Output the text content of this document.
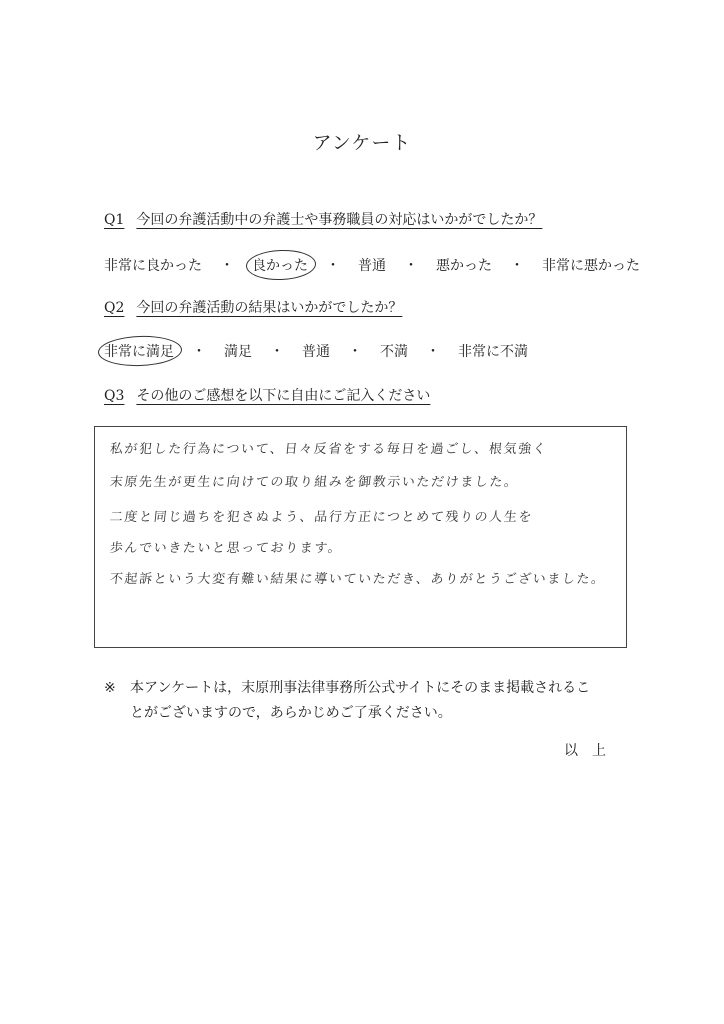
アンケート
Q1 今回の弁護活動中の弁護士や事務職員の対応はいかがでしたか？
非常に良かった ・ 良かった ・ 普通 ・ 悪かった ・ 非常に悪かった
Q2 今回の弁護活動の結果はいかがでしたか？
非常に満足 ・ 満足 ・ 普通 ・ 不満 ・ 非常に不満
Q3 その他のご感想を以下に自由にご記入ください
私が犯した行為について、日々反省をする毎日を過ごし、根気強く
末原先生が更生に向けての取り組みを御教示いただけました。
二度と同じ過ちを犯さぬよう、品行方正につとめて残りの人生を
歩んでいきたいと思っております。
不起訴という大変有難い結果に導いていただき、ありがとうございました。
※ 本アンケートは，末原刑事法律事務所公式サイトにそのまま掲載されるこ
とがございますので，あらかじめご了承ください。
以上
